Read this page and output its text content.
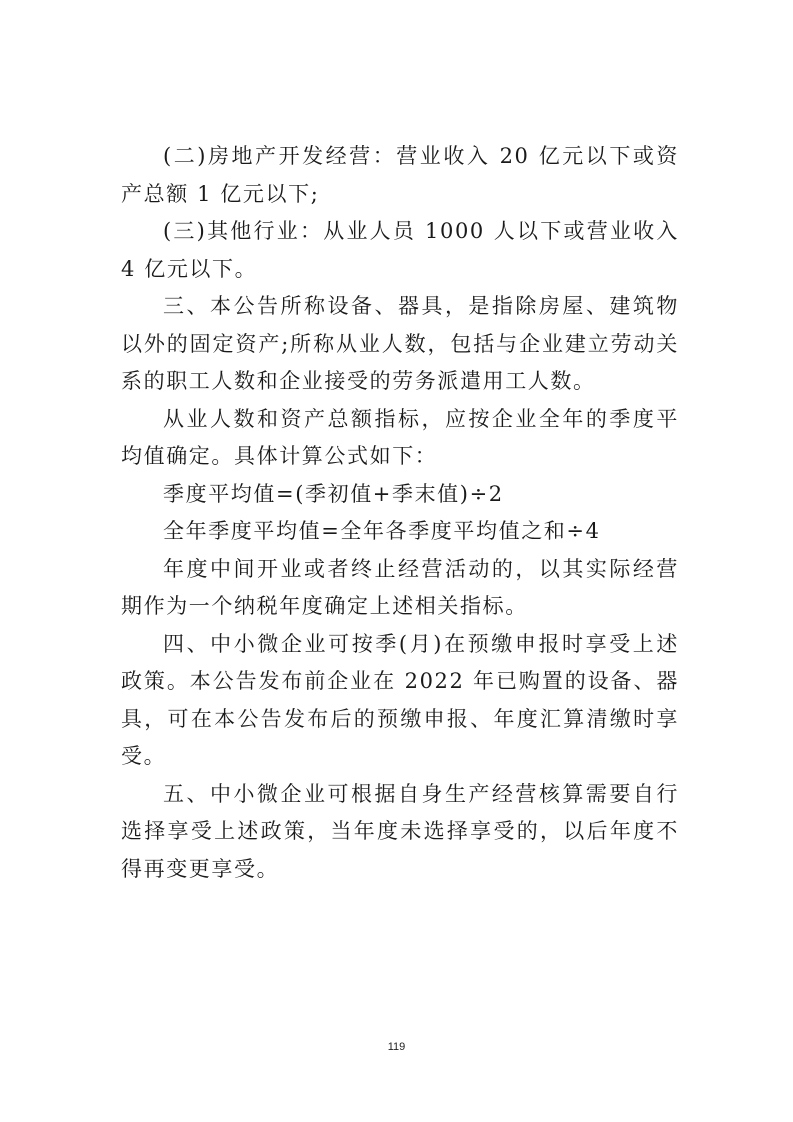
(二)房地产开发经营：营业收入 20 亿元以下或资产总额 1 亿元以下;

(三)其他行业：从业人员 1000 人以下或营业收入 4 亿元以下。

三、本公告所称设备、器具，是指除房屋、建筑物以外的固定资产;所称从业人数，包括与企业建立劳动关系的职工人数和企业接受的劳务派遣用工人数。

从业人数和资产总额指标，应按企业全年的季度平均值确定。具体计算公式如下：

季度平均值=(季初值+季末值)÷2

全年季度平均值=全年各季度平均值之和÷4

年度中间开业或者终止经营活动的，以其实际经营期作为一个纳税年度确定上述相关指标。

四、中小微企业可按季(月)在预缴申报时享受上述政策。本公告发布前企业在 2022 年已购置的设备、器具，可在本公告发布后的预缴申报、年度汇算清缴时享受。

五、中小微企业可根据自身生产经营核算需要自行选择享受上述政策，当年度未选择享受的，以后年度不得再变更享受。

119
